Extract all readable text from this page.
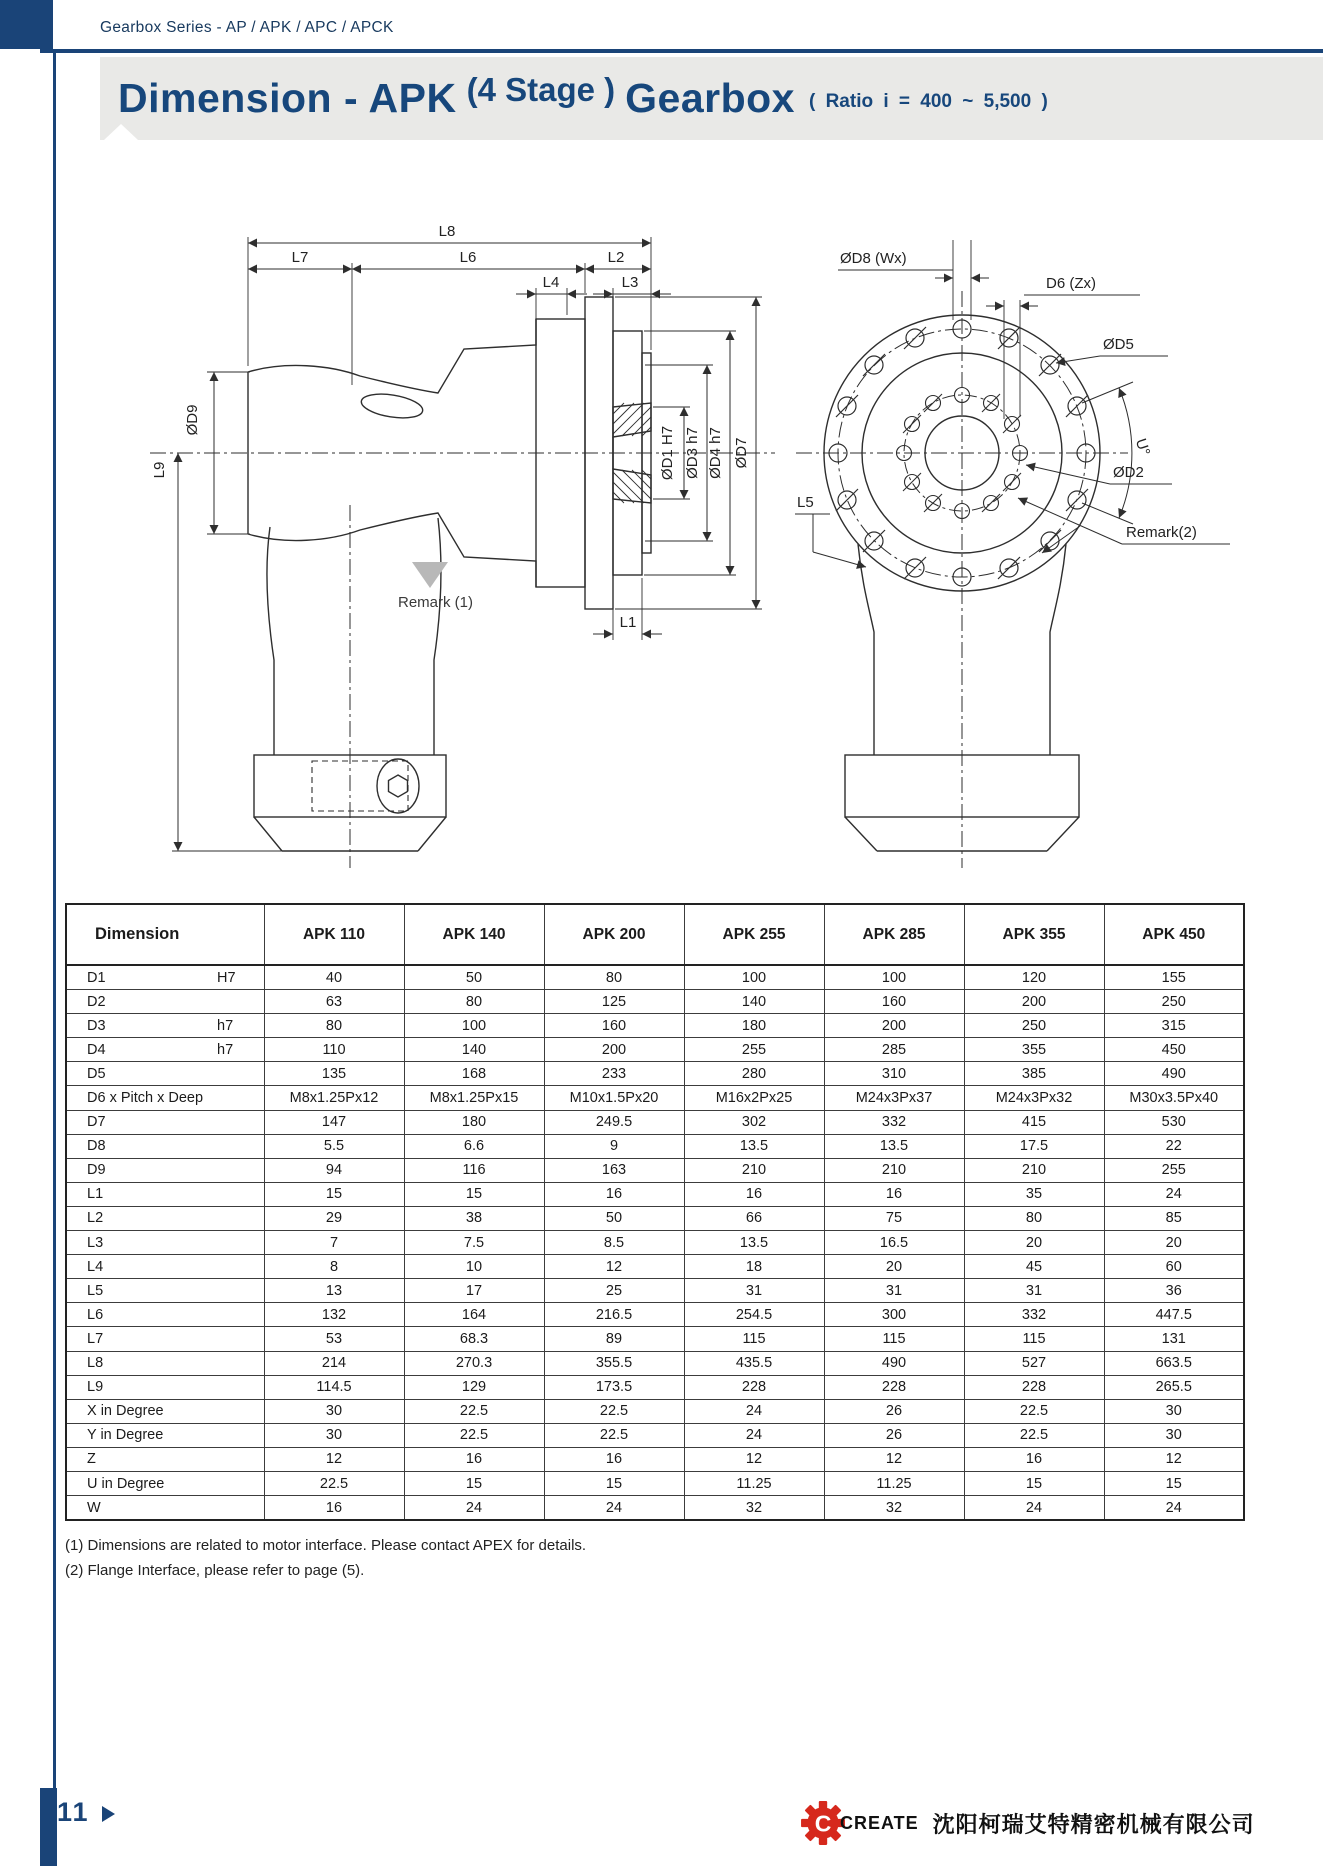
Gearbox Series - AP / APK / APC / APCK
Dimension - APK (4 Stage ) Gearbox ( Ratio i = 400 ~ 5,500 )
L8
L7	L6	L2
L4	L3
ØD9
L9	ØD1 H7 ØD3 h7 ØD4 h7 ØD7
L1
Remark (1)
ØD8 (Wx)
D6 (Zx)
ØD5
U°
ØD2
Remark(2)
L5
Dimension	APK 110	APK 140	APK 200	APK 255	APK 285	APK 355	APK 450
D1 H7	40	50	80	100	100	120	155
D2	63	80	125	140	160	200	250
D3 h7	80	100	160	180	200	250	315
D4 h7	110	140	200	255	285	355	450
D5	135	168	233	280	310	385	490
D6 x Pitch x Deep	M8x1.25Px12	M8x1.25Px15	M10x1.5Px20	M16x2Px25	M24x3Px37	M24x3Px32	M30x3.5Px40
D7	147	180	249.5	302	332	415	530
D8	5.5	6.6	9	13.5	13.5	17.5	22
D9	94	116	163	210	210	210	255
L1	15	15	16	16	16	35	24
L2	29	38	50	66	75	80	85
L3	7	7.5	8.5	13.5	16.5	20	20
L4	8	10	12	18	20	45	60
L5	13	17	25	31	31	31	36
L6	132	164	216.5	254.5	300	332	447.5
L7	53	68.3	89	115	115	115	131
L8	214	270.3	355.5	435.5	490	527	663.5
L9	114.5	129	173.5	228	228	228	265.5
X in Degree	30	22.5	22.5	24	26	22.5	30
Y in Degree	30	22.5	22.5	24	26	22.5	30
Z	12	16	16	12	12	16	12
U in Degree	22.5	15	15	11.25	11.25	15	15
W	16	24	24	32	32	24	24
(1) Dimensions are related to motor interface. Please contact APEX for details.
(2) Flange Interface, please refer to page (5).
11	C CREATE 沈阳柯瑞艾特精密机械有限公司
